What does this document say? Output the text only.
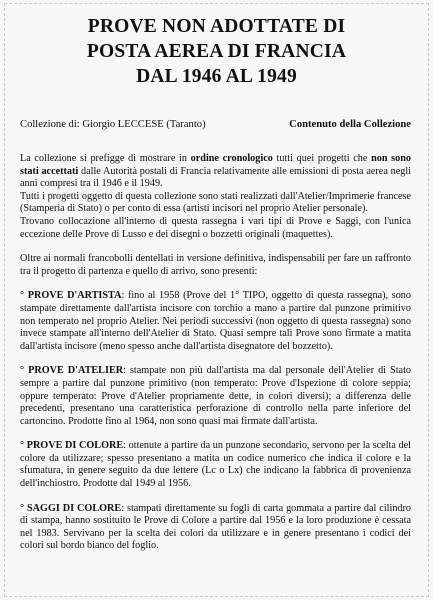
PROVE NON ADOTTATE DI
POSTA AEREA DI FRANCIA
DAL 1946 AL 1949
Collezione di: Giorgio LECCESE (Taranto)	Contenuto della Collezione

La collezione si prefigge di mostrare in ordine cronologico tutti quei progetti che non sono stati accettati dalle Autorità postali di Francia relativamente alle emissioni di posta aerea negli anni compresi tra il 1946 e il 1949.

Tutti i progetti oggetto di questa collezione sono stati realizzati dall'Atelier/Imprimerie francese (Stamperia di Stato) o per conto di essa (artisti incisori nel proprio Atelier personale).

Trovano collocazione all'interno di questa rassegna i vari tipi di Prove e Saggi, con l'unica eccezione delle Prove di Lusso e dei disegni o bozzetti originali (maquettes).

Oltre ai normali francobolli dentellati in versione definitiva, indispensabili per fare un raffronto tra il progetto di partenza e quello di arrivo, sono presenti:

° PROVE D'ARTISTA: fino al 1958 (Prove del 1° TIPO, oggetto di questa rassegna), sono stampate direttamente dall'artista incisore con torchio a mano a partire dal punzone primitivo non temperato nel proprio Atelier. Nei periodi successivi (non oggetto di questa rassegna) sono invece stampate all'interno dell'Atelier di Stato. Quasi sempre tali Prove sono firmate a matita dall'artista incisore (meno spesso anche dall'artista disegnatore del bozzetto).

° PROVE D'ATELIER: stampate non più dall'artista ma dal personale dell'Atelier di Stato sempre a partire dal punzone primitivo (non temperato: Prove d'Ispezione di colore seppia; oppure temperato: Prove d'Atelier propriamente dette, in colori diversi); a differenza delle precedenti, presentano una caratteristica perforazione di controllo nella parte inferiore del cartoncino. Prodotte fino al 1964, non sono quasi mai firmate dall'artista.

° PROVE DI COLORE: ottenute a partire da un punzone secondario, servono per la scelta del colore da utilizzare; spesso presentano a matita un codice numerico che indica il colore e la sfumatura, in genere seguito da due lettere (Lc o Lx) che indicano la fabbrica di provenienza dell'inchiostro. Prodotte dal 1949 al 1956.

° SAGGI DI COLORE: stampati direttamente su fogli di carta gommata a partire dal cilindro di stampa, hanno sostituito le Prove di Colore a partire dal 1956 e la loro produzione è cessata nel 1983. Servivano per la scelta dei colori da utilizzare e in genere presentano i codici dei colori sul bordo bianco del foglio.
